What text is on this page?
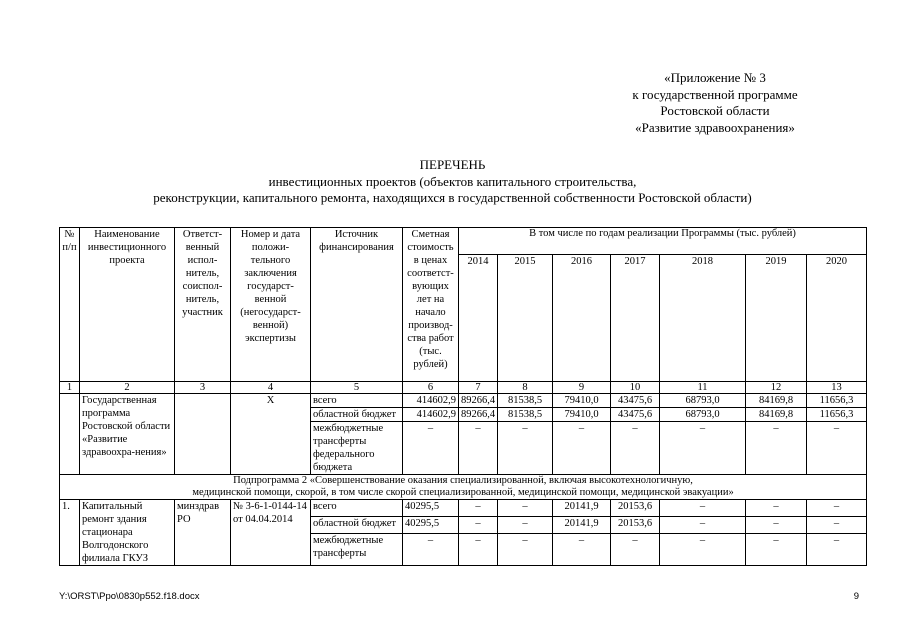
«Приложение № 3
к государственной программе
Ростовской области
«Развитие здравоохранения»
ПЕРЕЧЕНЬ
инвестиционных проектов (объектов капитального строительства,
реконструкции, капитального ремонта, находящихся в государственной собственности Ростовской области)
№ п/п	Наименование инвестиционного проекта	Ответст-венный испол-нитель, соиспол-нитель, участник	Номер и дата положи-тельного заключения государст-венной (негосударст-венной) экспертизы	Источник финансирования	Сметная стоимость в ценах соответст-вующих лет на начало производ-ства работ (тыс. рублей)	В том числе по годам реализации Программы (тыс. рублей)						
						2014	2015	2016	2017	2018	2019	2020
1	2	3	4	5	6	7	8	9	10	11	12	13
	Государственная программа Ростовской области «Развитие здравоохра-нения»		Х	всего	414602,9	89266,4	81538,5	79410,0	43475,6	68793,0	84169,8	11656,3
				областной бюджет	414602,9	89266,4	81538,5	79410,0	43475,6	68793,0	84169,8	11656,3
				межбюджетные трансферты федерального бюджета	–	–	–	–	–	–	–	–

Подпрограмма 2 «Совершенствование оказания специализированной, включая высокотехнологичную,
медицинской помощи, скорой, в том числе скорой специализированной, медицинской помощи, медицинской эвакуации»												

1.	Капитальный ремонт здания стационара Волгодонского филиала ГКУЗ	минздрав РО	№ 3-6-1-0144-14 от 04.04.2014	всего	40295,5	–	–	20141,9	20153,6	–	–	–
				областной бюджет	40295,5	–	–	20141,9	20153,6	–	–	–
				межбюджетные трансферты	–	–	–	–	–	–	–	–
Y:\ORST\Ppo\0830p552.f18.docx	9
